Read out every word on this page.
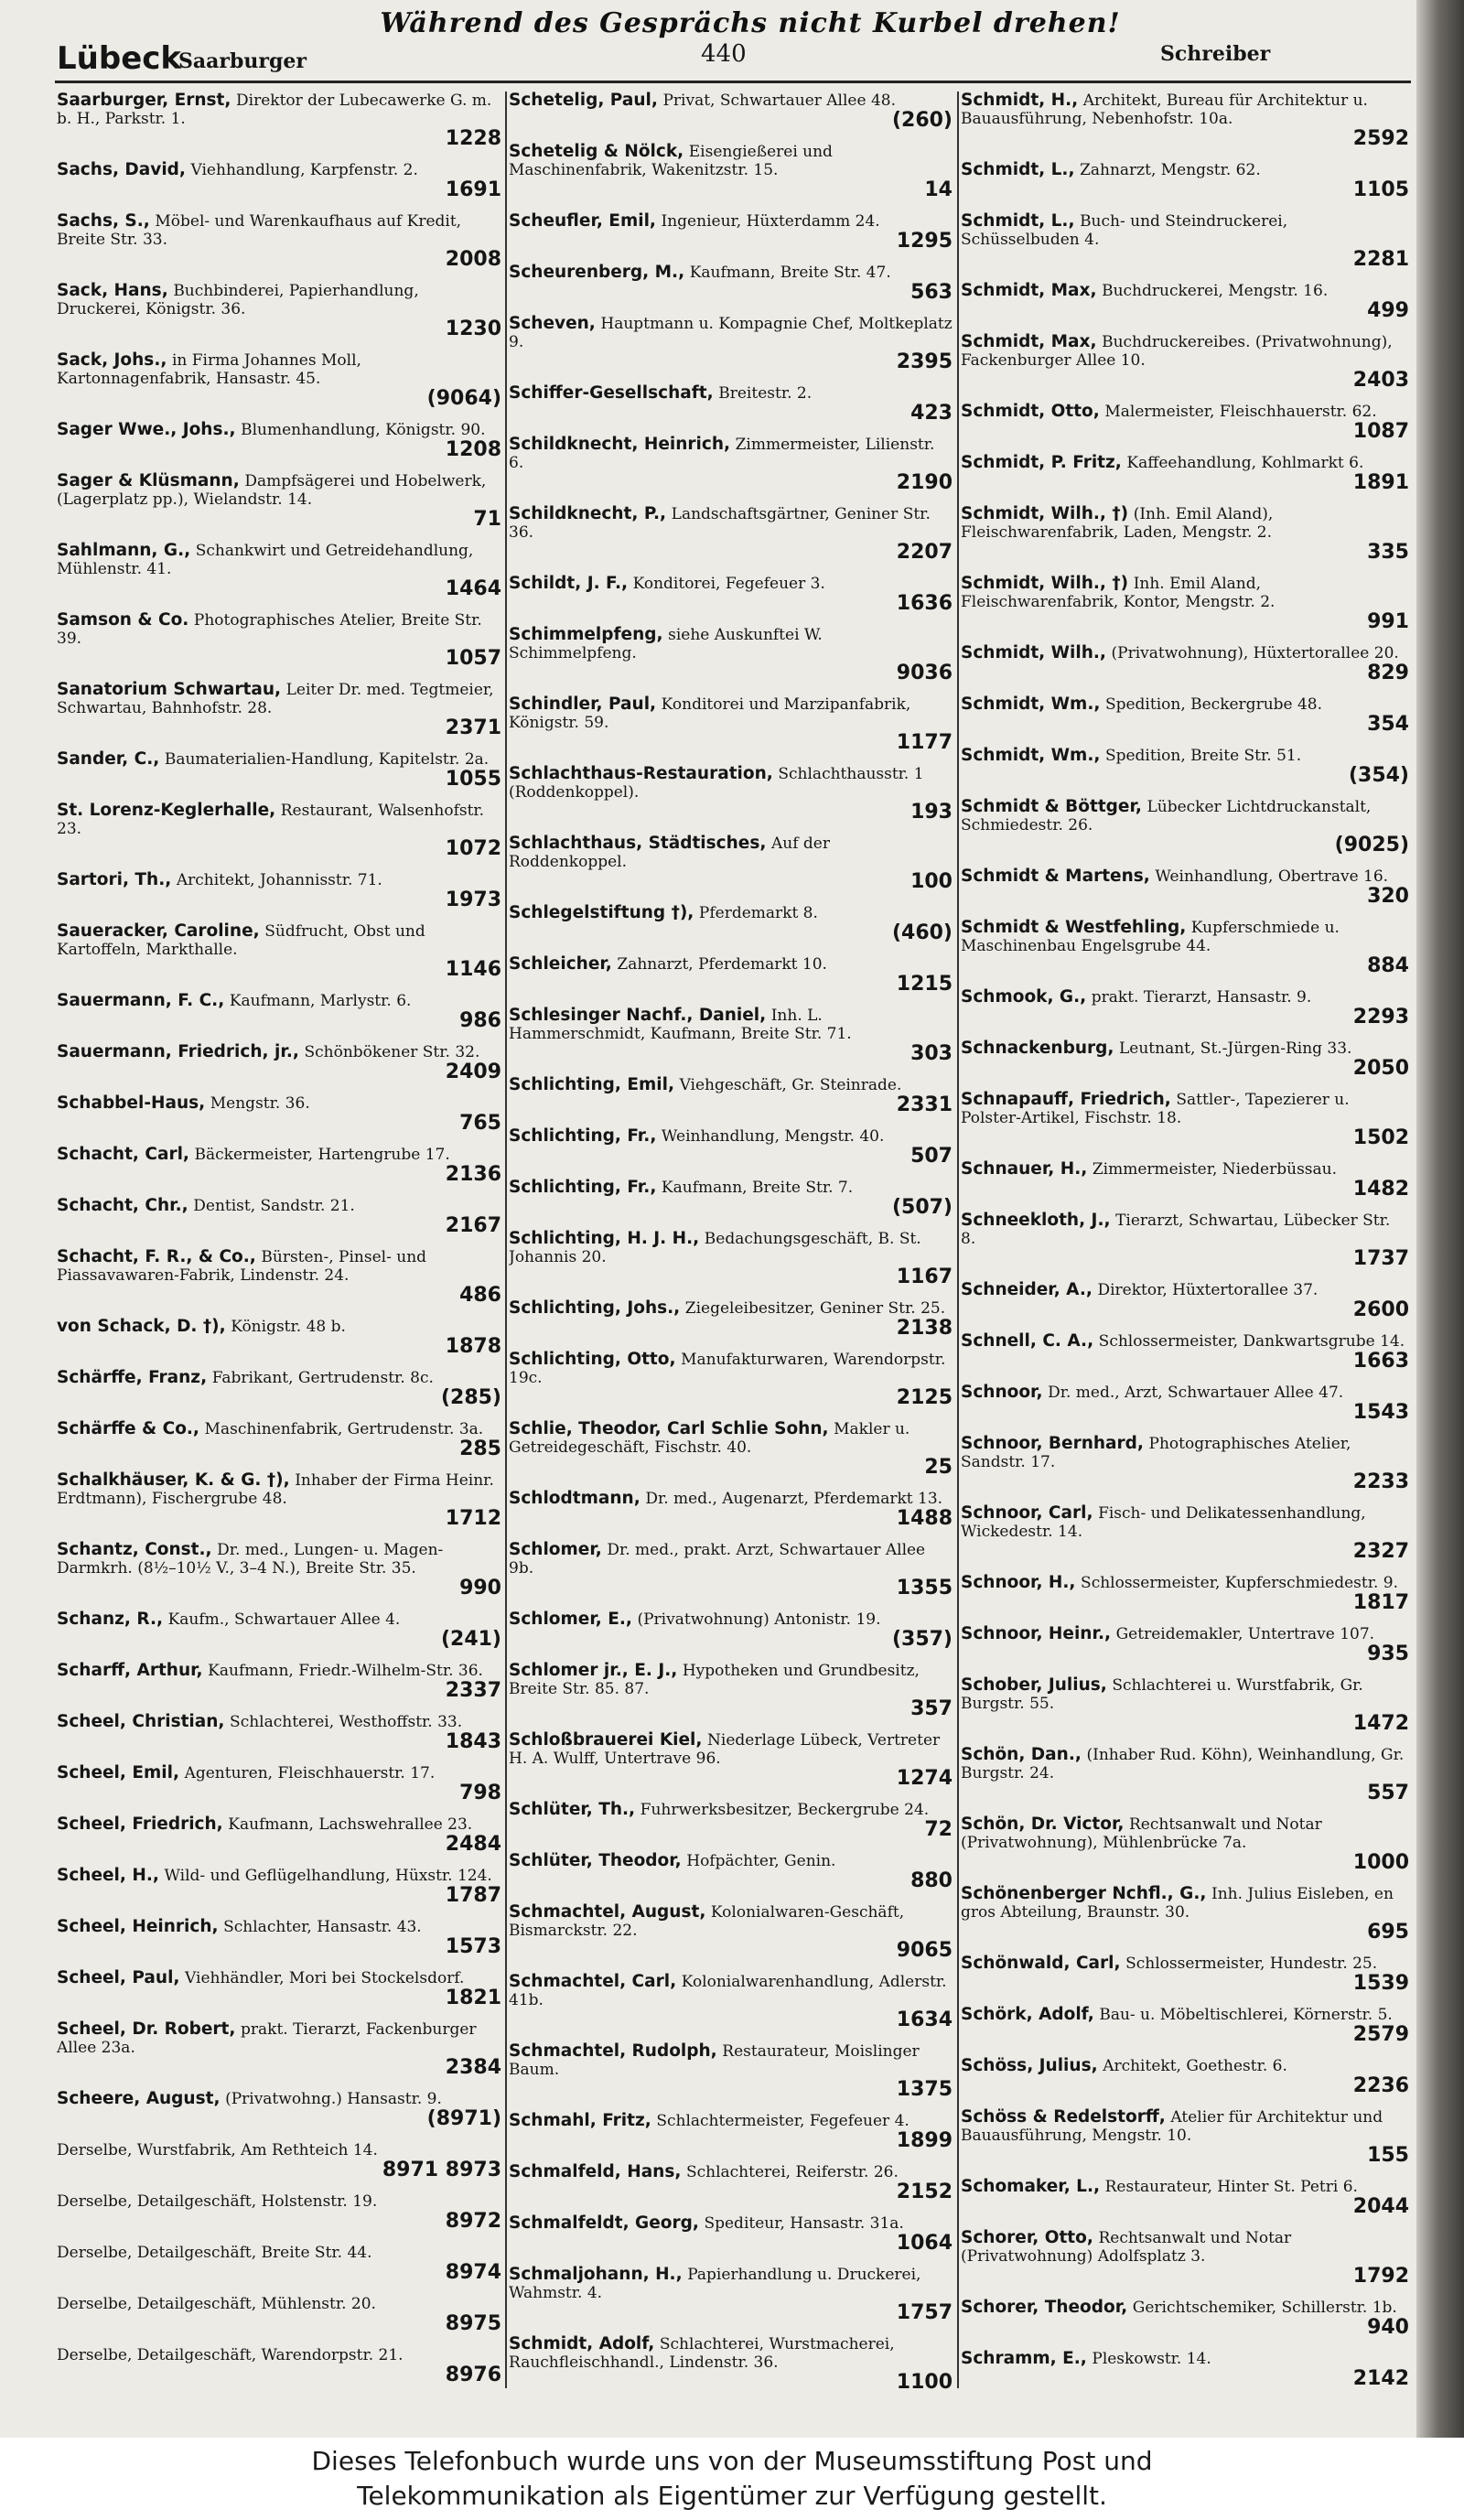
Während des Gesprächs nicht Kurbel drehen!
Lübeck
Saarburger	440	Schreiber
Saarburger, Ernst, Direktor der Lubecawerke G. m. b. H., Parkstr. 1.
1228
Sachs, David, Viehhandlung, Karpfenstr. 2.
1691
Sachs, S., Möbel- und Warenkaufhaus auf Kredit, Breite Str. 33.
2008
Sack, Hans, Buchbinderei, Papierhandlung, Druckerei, Königstr. 36.
1230
Sack, Johs., in Firma Johannes Moll, Kartonnagenfabrik, Hansastr. 45.
(9064)
Sager Wwe., Johs., Blumenhandlung, Königstr. 90.
1208
Sager & Klüsmann, Dampfsägerei und Hobelwerk, (Lagerplatz pp.), Wielandstr. 14.
71
Sahlmann, G., Schankwirt und Getreidehandlung, Mühlenstr. 41.
1464
Samson & Co. Photographisches Atelier, Breite Str. 39.
1057
Sanatorium Schwartau, Leiter Dr. med. Tegtmeier, Schwartau, Bahnhofstr. 28.
2371
Sander, C., Baumaterialien-Handlung, Kapitelstr. 2a.
1055
St. Lorenz-Keglerhalle, Restaurant, Walsenhofstr. 23.
1072
Sartori, Th., Architekt, Johannisstr. 71.
1973
Saueracker, Caroline, Südfrucht, Obst und Kartoffeln, Markthalle.
1146
Sauermann, F. C., Kaufmann, Marlystr. 6.
986
Sauermann, Friedrich, jr., Schönbökener Str. 32.
2409
Schabbel-Haus, Mengstr. 36.
765
Schacht, Carl, Bäckermeister, Hartengrube 17.
2136
Schacht, Chr., Dentist, Sandstr. 21.
2167
Schacht, F. R., & Co., Bürsten-, Pinsel- und Piassavawaren-Fabrik, Lindenstr. 24.
486
von Schack, D. †), Königstr. 48 b.
1878
Schärffe, Franz, Fabrikant, Gertrudenstr. 8c.
(285)
Schärffe & Co., Maschinenfabrik, Gertrudenstr. 3a.
285
Schalkhäuser, K. & G. †), Inhaber der Firma Heinr. Erdtmann), Fischergrube 48.
1712
Schantz, Const., Dr. med., Lungen- u. Magen-Darmkrh. (8½–10½ V., 3–4 N.), Breite Str. 35.
990
Schanz, R., Kaufm., Schwartauer Allee 4.
(241)
Scharff, Arthur, Kaufmann, Friedr.-Wilhelm-Str. 36.
2337
Scheel, Christian, Schlachterei, Westhoffstr. 33.
1843
Scheel, Emil, Agenturen, Fleischhauerstr. 17.
798
Scheel, Friedrich, Kaufmann, Lachswehrallee 23.
2484
Scheel, H., Wild- und Geflügelhandlung, Hüxstr. 124.
1787
Scheel, Heinrich, Schlachter, Hansastr. 43.
1573
Scheel, Paul, Viehhändler, Mori bei Stockelsdorf.
1821
Scheel, Dr. Robert, prakt. Tierarzt, Fackenburger Allee 23a.
2384
Scheere, August, (Privatwohng.) Hansastr. 9.
(8971)
Derselbe, Wurstfabrik, Am Rethteich 14.
8971 8973
Derselbe, Detailgeschäft, Holstenstr. 19.
8972
Derselbe, Detailgeschäft, Breite Str. 44.
8974
Derselbe, Detailgeschäft, Mühlenstr. 20.
8975
Derselbe, Detailgeschäft, Warendorpstr. 21.
8976
Schetelig, Paul, Privat, Schwartauer Allee 48.
(260)
Schetelig & Nölck, Eisengießerei und Maschinenfabrik, Wakenitzstr. 15.
14
Scheufler, Emil, Ingenieur, Hüxterdamm 24.
1295
Scheurenberg, M., Kaufmann, Breite Str. 47.
563
Scheven, Hauptmann u. Kompagnie Chef, Moltkeplatz 9.
2395
Schiffer-Gesellschaft, Breitestr. 2.
423
Schildknecht, Heinrich, Zimmermeister, Lilienstr. 6.
2190
Schildknecht, P., Landschaftsgärtner, Geniner Str. 36.
2207
Schildt, J. F., Konditorei, Fegefeuer 3.
1636
Schimmelpfeng, siehe Auskunftei W. Schimmelpfeng.
9036
Schindler, Paul, Konditorei und Marzipanfabrik, Königstr. 59.
1177
Schlachthaus-Restauration, Schlachthausstr. 1 (Roddenkoppel).
193
Schlachthaus, Städtisches, Auf der Roddenkoppel.
100
Schlegelstiftung †), Pferdemarkt 8.
(460)
Schleicher, Zahnarzt, Pferdemarkt 10.
1215
Schlesinger Nachf., Daniel, Inh. L. Hammerschmidt, Kaufmann, Breite Str. 71.
303
Schlichting, Emil, Viehgeschäft, Gr. Steinrade.
2331
Schlichting, Fr., Weinhandlung, Mengstr. 40.
507
Schlichting, Fr., Kaufmann, Breite Str. 7.
(507)
Schlichting, H. J. H., Bedachungsgeschäft, B. St. Johannis 20.
1167
Schlichting, Johs., Ziegeleibesitzer, Geniner Str. 25.
2138
Schlichting, Otto, Manufakturwaren, Warendorpstr. 19c.
2125
Schlie, Theodor, Carl Schlie Sohn, Makler u. Getreidegeschäft, Fischstr. 40.
25
Schlodtmann, Dr. med., Augenarzt, Pferdemarkt 13.
1488
Schlomer, Dr. med., prakt. Arzt, Schwartauer Allee 9b.
1355
Schlomer, E., (Privatwohnung) Antonistr. 19.
(357)
Schlomer jr., E. J., Hypotheken und Grundbesitz, Breite Str. 85. 87.
357
Schloßbrauerei Kiel, Niederlage Lübeck, Vertreter H. A. Wulff, Untertrave 96.
1274
Schlüter, Th., Fuhrwerksbesitzer, Beckergrube 24.
72
Schlüter, Theodor, Hofpächter, Genin.
880
Schmachtel, August, Kolonialwaren-Geschäft, Bismarckstr. 22.
9065
Schmachtel, Carl, Kolonialwarenhandlung, Adlerstr. 41b.
1634
Schmachtel, Rudolph, Restaurateur, Moislinger Baum.
1375
Schmahl, Fritz, Schlachtermeister, Fegefeuer 4.
1899
Schmalfeld, Hans, Schlachterei, Reiferstr. 26.
2152
Schmalfeldt, Georg, Spediteur, Hansastr. 31a.
1064
Schmaljohann, H., Papierhandlung u. Druckerei, Wahmstr. 4.
1757
Schmidt, Adolf, Schlachterei, Wurstmacherei, Rauchfleischhandl., Lindenstr. 36.
1100
Schmidt, H., Architekt, Bureau für Architektur u. Bauausführung, Nebenhofstr. 10a.
2592
Schmidt, L., Zahnarzt, Mengstr. 62.
1105
Schmidt, L., Buch- und Steindruckerei, Schüsselbuden 4.
2281
Schmidt, Max, Buchdruckerei, Mengstr. 16.
499
Schmidt, Max, Buchdruckereibes. (Privatwohnung), Fackenburger Allee 10.
2403
Schmidt, Otto, Malermeister, Fleischhauerstr. 62.
1087
Schmidt, P. Fritz, Kaffeehandlung, Kohlmarkt 6.
1891
Schmidt, Wilh., †) (Inh. Emil Aland), Fleischwarenfabrik, Laden, Mengstr. 2.
335
Schmidt, Wilh., †) Inh. Emil Aland, Fleischwarenfabrik, Kontor, Mengstr. 2.
991
Schmidt, Wilh., (Privatwohnung), Hüxtertorallee 20.
829
Schmidt, Wm., Spedition, Beckergrube 48.
354
Schmidt, Wm., Spedition, Breite Str. 51.
(354)
Schmidt & Böttger, Lübecker Lichtdruckanstalt, Schmiedestr. 26.
(9025)
Schmidt & Martens, Weinhandlung, Obertrave 16.
320
Schmidt & Westfehling, Kupferschmiede u. Maschinenbau Engelsgrube 44.
884
Schmook, G., prakt. Tierarzt, Hansastr. 9.
2293
Schnackenburg, Leutnant, St.-Jürgen-Ring 33.
2050
Schnapauff, Friedrich, Sattler-, Tapezierer u. Polster-Artikel, Fischstr. 18.
1502
Schnauer, H., Zimmermeister, Niederbüssau.
1482
Schneekloth, J., Tierarzt, Schwartau, Lübecker Str. 8.
1737
Schneider, A., Direktor, Hüxtertorallee 37.
2600
Schnell, C. A., Schlossermeister, Dankwartsgrube 14.
1663
Schnoor, Dr. med., Arzt, Schwartauer Allee 47.
1543
Schnoor, Bernhard, Photographisches Atelier, Sandstr. 17.
2233
Schnoor, Carl, Fisch- und Delikatessenhandlung, Wickedestr. 14.
2327
Schnoor, H., Schlossermeister, Kupferschmiedestr. 9.
1817
Schnoor, Heinr., Getreidemakler, Untertrave 107.
935
Schober, Julius, Schlachterei u. Wurstfabrik, Gr. Burgstr. 55.
1472
Schön, Dan., (Inhaber Rud. Köhn), Weinhandlung, Gr. Burgstr. 24.
557
Schön, Dr. Victor, Rechtsanwalt und Notar (Privatwohnung), Mühlenbrücke 7a.
1000
Schönenberger Nchfl., G., Inh. Julius Eisleben, en gros Abteilung, Braunstr. 30.
695
Schönwald, Carl, Schlossermeister, Hundestr. 25.
1539
Schörk, Adolf, Bau- u. Möbeltischlerei, Körnerstr. 5.
2579
Schöss, Julius, Architekt, Goethestr. 6.
2236
Schöss & Redelstorff, Atelier für Architektur und Bauausführung, Mengstr. 10.
155
Schomaker, L., Restaurateur, Hinter St. Petri 6.
2044
Schorer, Otto, Rechtsanwalt und Notar (Privatwohnung) Adolfsplatz 3.
1792
Schorer, Theodor, Gerichtschemiker, Schillerstr. 1b.
940
Schramm, E., Pleskowstr. 14.
2142
Dieses Telefonbuch wurde uns von der Museumsstiftung Post und
Telekommunikation als Eigentümer zur Verfügung gestellt.
